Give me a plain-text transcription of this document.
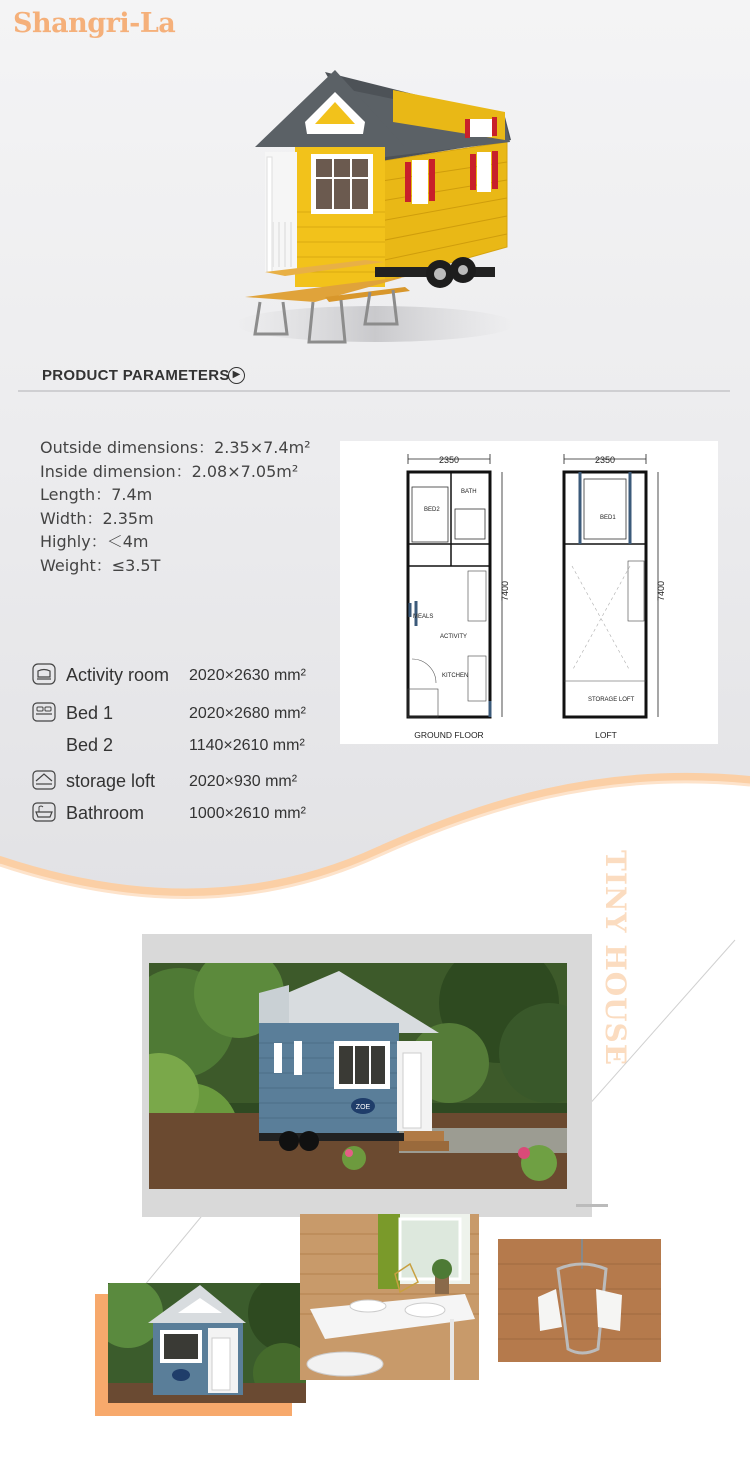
Shangri-La
PRODUCT PARAMETERS ▶
Outside dimensions：2.35×7.4m²
Inside dimension：2.08×7.05m²
Length：7.4m
Width：2.35m
Highly：＜4m
Weight：≤3.5T
2350
BED2
BATH
MEALS
ACTIVITY
KITCHEN
7400
GROUND FLOOR
2350
BED1
STORAGE LOFT
7400
LOFT
Activity room 2020×2630 mm²
Bed 1	2020×2680 mm²
Bed 2	1140×2610 mm²
storage loft 2020×930 mm²
Bathroom	1000×2610 mm²
TINY HOUSE
ZOE
